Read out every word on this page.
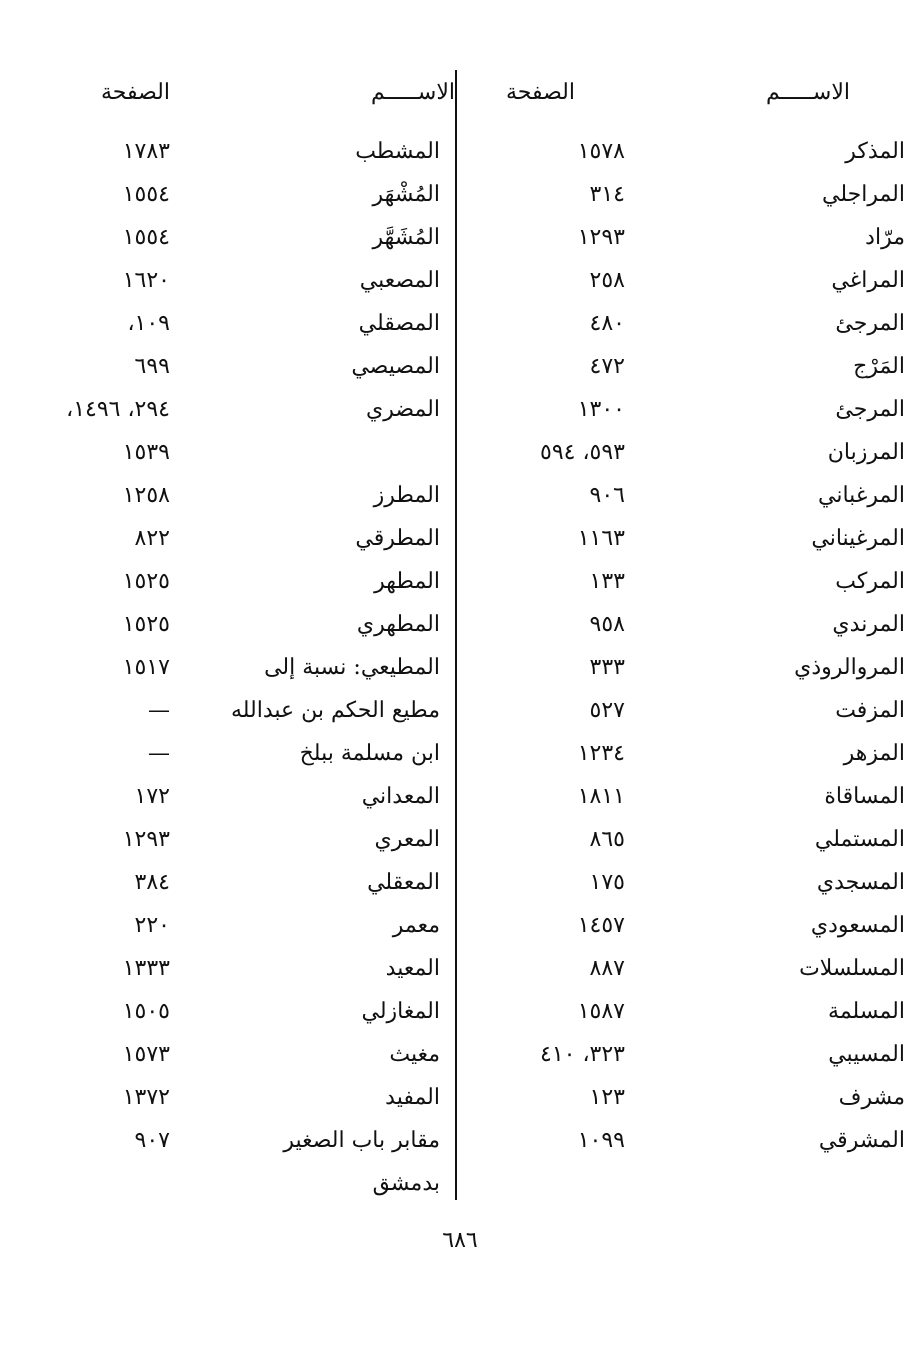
الاســـــم
الصفحة
المذكر
١٥٧٨
المراجلي
٣١٤
مرّاد
١٢٩٣
المراغي
٢٥٨
المرجئ
٤٨٠
المَرْج
٤٧٢
المرجئ
١٣٠٠
المرزبان
٥٩٣، ٥٩٤
المرغباني
٩٠٦
المرغيناني
١١٦٣
المركب
١٣٣
المرندي
٩٥٨
المروالروذي
٣٣٣
المزفت
٥٢٧
المزهر
١٢٣٤
المساقاة
١٨١١
المستملي
٨٦٥
المسجدي
١٧٥
المسعودي
١٤٥٧
المسلسلات
٨٨٧
المسلمة
١٥٨٧
المسيبي
٣٢٣، ٤١٠
مشرف
١٢٣
المشرقي
١٠٩٩
الاســـــم
الصفحة
المشطب
١٧٨٣
المُشْهَر
١٥٥٤
المُشَهَّر
١٥٥٤
المصعبي
١٦٢٠
المصقلي
١٠٩،
المصيصي
٦٩٩
المضري
٢٩٤، ١٤٩٦،
١٥٣٩
المطرز
١٢٥٨
المطرقي
٨٢٢
المطهر
١٥٢٥
المطهري
١٥٢٥
المطيعي: نسبة إلى
١٥١٧
مطيع الحكم بن عبدالله
—
ابن مسلمة ببلخ
—
المعداني
١٧٢
المعري
١٢٩٣
المعقلي
٣٨٤
معمر
٢٢٠
المعيد
١٣٣٣
المغازلي
١٥٠٥
مغيث
١٥٧٣
المفيد
١٣٧٢
مقابر باب الصغير
٩٠٧
بدمشق
٦٨٦
